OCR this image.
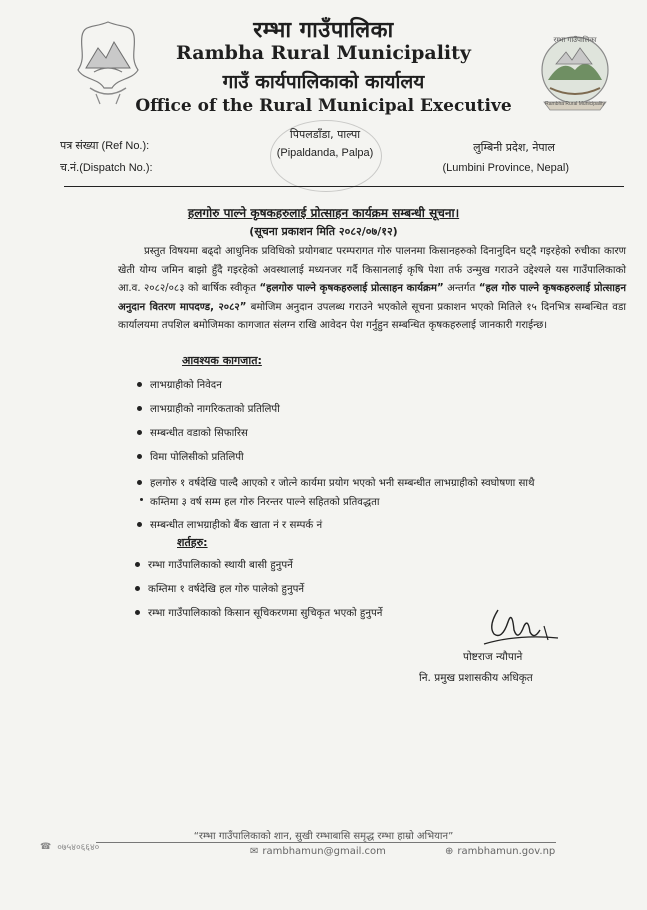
रम्भा गाउँपालिका
Rambha Rural Municipality
रम्भा गाउँपालिका
Rambha Rural Municipality
गाउँ कार्यपालिकाको कार्यालय
Office of the Rural Municipal Executive
पिपलडाँडा, पाल्पा
(Pipaldanda, Palpa)
पत्र संख्या (Ref No.):
च.नं.(Dispatch No.):
लुम्बिनी प्रदेश, नेपाल
(Lumbini Province, Nepal)
हलगोरु पाल्ने कृषकहरुलाई प्रोत्साहन कार्यक्रम सम्बन्धी सूचना।
(सूचना प्रकाशन मिति २०८२/०७/१२)
प्रस्तुत विषयमा बढ्दो आधुनिक प्रविधिको प्रयोगबाट परम्परागत गोरु पालनमा किसानहरुको दिनानुदिन घट्दै गइरहेको रुचीका कारण खेती योग्य जमिन बाझो हुँदै गइरहेको अवस्थालाई मध्यनजर गर्दै किसानलाई कृषि पेशा तर्फ उन्मुख गराउने उद्देश्यले यस गाउँपालिकाको आ.व. २०८२/०८३ को बार्षिक स्वीकृत “हलगोरु पाल्ने कृषकहरुलाई प्रोत्साहन कार्यक्रम” अन्तर्गत “हल गोरु पाल्ने कृषकहरुलाई प्रोत्साहन अनुदान वितरण मापदण्ड, २०८२” बमोजिम अनुदान उपलब्ध गराउने भएकोले सूचना प्रकाशन भएको मितिले १५ दिनभित्र सम्बन्धित वडा कार्यालयमा तपशिल बमोजिमका कागजात संलग्न राखि आवेदन पेश गर्नुहुन सम्बन्धित कृषकहरुलाई जानकारी गराईन्छ।
आवश्यक कागजात:
लाभग्राहीको निवेदन
लाभग्राहीको नागरिकताको प्रतिलिपी
सम्बन्धीत वडाको सिफारिस
विमा पोलिसीको प्रतिलिपी
हलगोरु १ वर्षदेखि पाल्दै आएको र जोत्ने कार्यमा प्रयोग भएको भनी सम्बन्धीत लाभग्राहीको स्वघोषणा साथै
कम्तिमा ३ वर्ष सम्म हल गोरु निरन्तर पाल्ने सहितको प्रतिवद्धता
सम्बन्धीत लाभग्राहीको बैंक खाता नं र सम्पर्क नं
शर्तहरु:
रम्भा गाउँपालिकाको स्थायी बासी हुनुपर्ने
कम्तिमा १ वर्षदेखि हल गोरु पालेको हुनुपर्ने
रम्भा गाउँपालिकाको किसान सूचिकरणमा सुचिकृत भएको हुनुपर्ने
पोष्टराज न्यौपाने
नि. प्रमुख प्रशासकीय अधिकृत
“रम्भा गाउँपालिकाको शान, सुखी रम्भाबासि समृद्ध रम्भा हाम्रो अभियान”
☎ ०७५४०६६४०	✉ rambhamun@gmail.com	⊕ rambhamun.gov.np
